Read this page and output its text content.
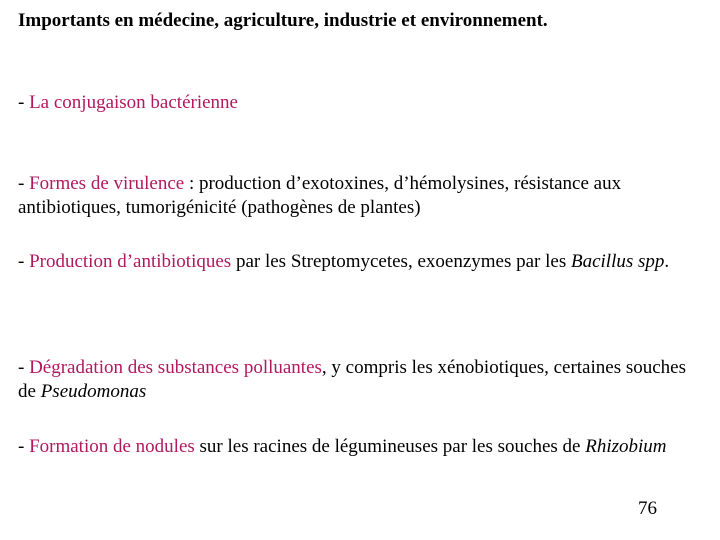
Importants en médecine, agriculture, industrie et environnement.
- La conjugaison bactérienne
- Formes de virulence : production d’exotoxines, d’hémolysines, résistance aux antibiotiques, tumorigénicité (pathogènes de plantes)
- Production d’antibiotiques par les Streptomycetes, exoenzymes par les Bacillus spp.
- Dégradation des substances polluantes, y compris les xénobiotiques, certaines souches de Pseudomonas
- Formation de nodules sur les racines de légumineuses par les souches de Rhizobium
76
